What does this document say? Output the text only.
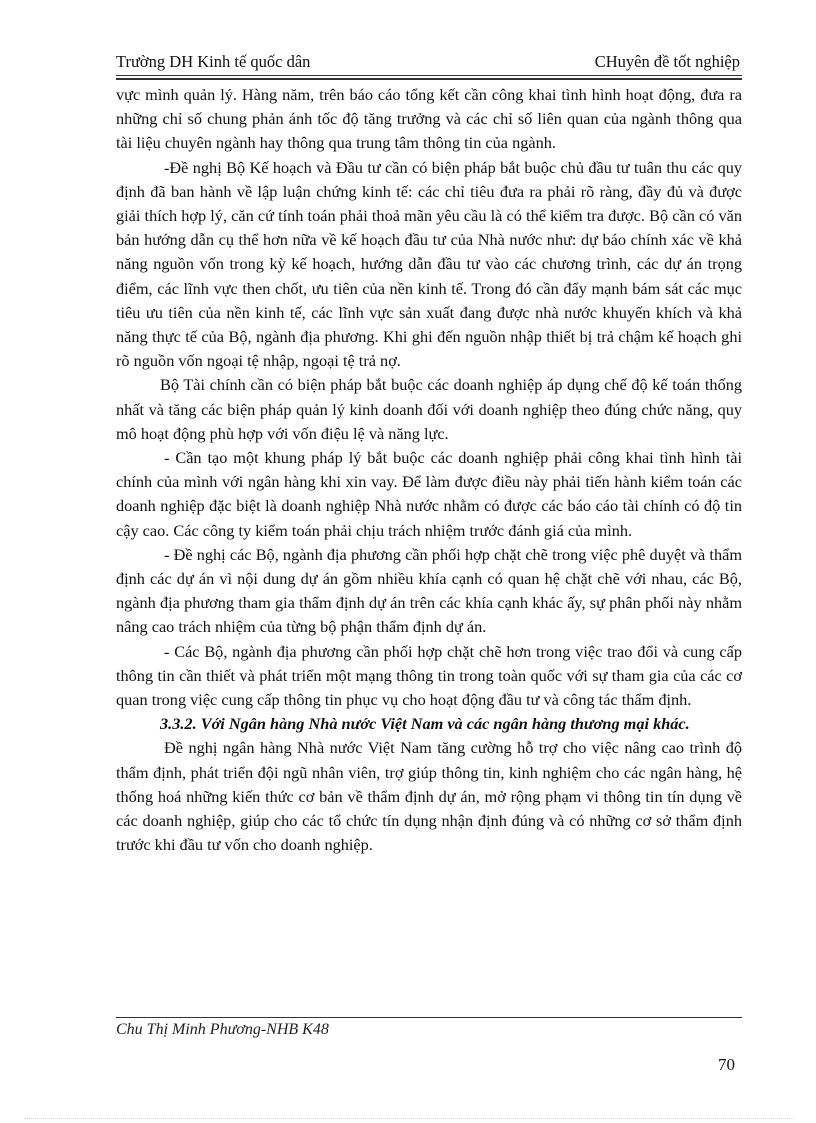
Trường DH Kinh tế quốc dân	CHuyên đề tốt nghiệp

vực mình quản lý. Hàng năm, trên báo cáo tổng kết cần công khai tình hình hoạt động, đưa ra những chỉ số chung phản ánh tốc độ tăng trưởng và các chỉ số liên quan của ngành thông qua tài liệu chuyên ngành hay thông qua trung tâm thông tin của ngành.

-Đề nghị Bộ Kế hoạch và Đầu tư cần có biện pháp bắt buộc chủ đầu tư tuân thu các quy định đã ban hành về lập luận chứng kinh tế: các chỉ tiêu đưa ra phải rõ ràng, đầy đủ và được giải thích hợp lý, căn cứ tính toán phải thoả mãn yêu cầu là có thể kiểm tra được. Bộ cần có văn bản hướng dẫn cụ thể hơn nữa về kế hoạch đầu tư của Nhà nước như: dự báo chính xác về khả năng nguồn vốn trong kỳ kế hoạch, hướng dẫn đầu tư vào các chương trình, các dự án trọng điểm, các lĩnh vực then chốt, ưu tiên của nền kinh tế. Trong đó cần đẩy mạnh bám sát các mục tiêu ưu tiên của nền kinh tế, các lĩnh vực sản xuất đang được nhà nước khuyến khích và khả năng thực tế của Bộ, ngành địa phương. Khi ghi đến nguồn nhập thiết bị trả chậm kế hoạch ghi rõ nguồn vốn ngoại tệ nhập, ngoại tệ trả nợ.

Bộ Tài chính cần có biện pháp bắt buộc các doanh nghiệp áp dụng chế độ kế toán thống nhất và tăng các biện pháp quản lý kinh doanh đối với doanh nghiệp theo đúng chức năng, quy mô hoạt động phù hợp với vốn điệu lệ và năng lực.

- Cần tạo một khung pháp lý bắt buộc các doanh nghiệp phải công khai tình hình tài chính của mình với ngân hàng khi xin vay. Để làm được điều này phải tiến hành kiểm toán các doanh nghiệp đặc biệt là doanh nghiệp Nhà nước nhằm có được các báo cáo tài chính có độ tin cậy cao. Các công ty kiểm toán phải chịu trách nhiệm trước đánh giá của mình.

- Đề nghị các Bộ, ngành địa phương cần phối hợp chặt chẽ trong việc phê duyệt và thẩm định các dự án vì nội dung dự án gồm nhiều khía cạnh có quan hệ chặt chẽ với nhau, các Bộ, ngành địa phương tham gia thẩm định dự án trên các khía cạnh khác ấy, sự phân phối này nhằm nâng cao trách nhiệm của từng bộ phận thẩm định dự án.

- Các Bộ, ngành địa phương cần phối hợp chặt chẽ hơn trong việc trao đổi và cung cấp thông tin cần thiết và phát triển một mạng thông tin trong toàn quốc với sự tham gia của các cơ quan trong việc cung cấp thông tin phục vụ cho hoạt động đầu tư và công tác thẩm định.

3.3.2. Với Ngân hàng Nhà nước Việt Nam và các ngân hàng thương mại khác.

Đề nghị ngân hàng Nhà nước Việt Nam tăng cường hỗ trợ cho việc nâng cao trình độ thẩm định, phát triển đội ngũ nhân viên, trợ giúp thông tin, kinh nghiệm cho các ngân hàng, hệ thống hoá những kiến thức cơ bản về thẩm định dự án, mở rộng phạm vi thông tin tín dụng về các doanh nghiệp, giúp cho các tổ chức tín dụng nhận định đúng và có những cơ sở thẩm định trước khi đầu tư vốn cho doanh nghiệp.

Chu Thị Minh Phương-NHB K48
70
